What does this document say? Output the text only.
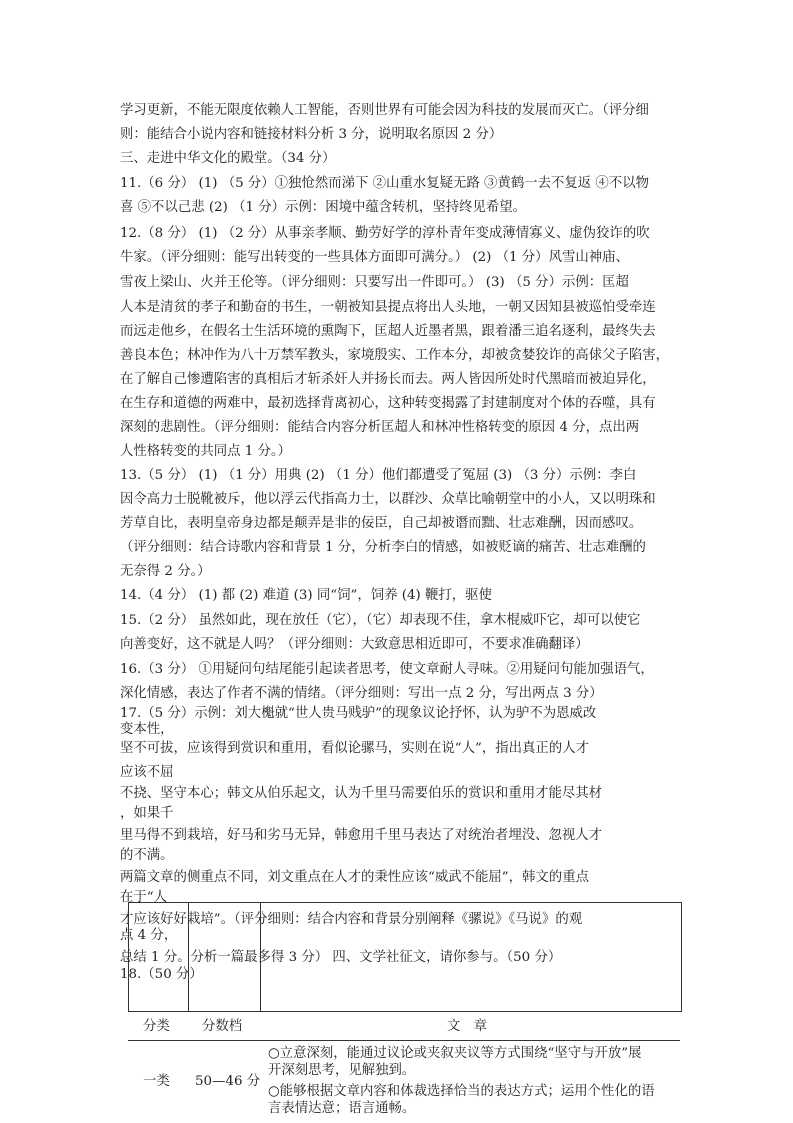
学习更新，不能无限度依赖人工智能，否则世界有可能会因为科技的发展而灭亡。（评分细
则：能结合小说内容和链接材料分析 3 分，说明取名原因 2 分）
三、走进中华文化的殿堂。（34 分）
11.（6 分） (1) （5 分）①独怆然而涕下 ②山重水复疑无路 ③黄鹤一去不复返 ④不以物
喜 ⑤不以己悲 (2) （1 分）示例：困境中蕴含转机，坚持终见希望。
12.（8 分） (1) （2 分）从事亲孝顺、勤劳好学的淳朴青年变成薄情寡义、虚伪狡诈的吹
牛家。（评分细则：能写出转变的一些具体方面即可满分。） (2) （1 分）风雪山神庙、
雪夜上梁山、火并王伦等。（评分细则：只要写出一件即可。） (3) （5 分）示例：匡超
人本是清贫的孝子和勤奋的书生，一朝被知县提点将出人头地，一朝又因知县被巡怕受牵连
而远走他乡，在假名士生活环境的熏陶下，匡超人近墨者黑，跟着潘三追名逐利，最终失去
善良本色；林冲作为八十万禁军教头，家境殷实、工作本分，却被贪婪狡诈的高俅父子陷害，
在了解自己惨遭陷害的真相后才斩杀奸人并扬长而去。两人皆因所处时代黑暗而被迫异化，
在生存和道德的两难中，最初选择背离初心，这种转变揭露了封建制度对个体的吞噬，具有
深刻的悲剧性。（评分细则：能结合内容分析匡超人和林冲性格转变的原因 4 分，点出两
人性格转变的共同点 1 分。）
13.（5 分） (1) （1 分）用典 (2) （1 分）他们都遭受了冤屈 (3) （3 分）示例：李白
因令高力士脱靴被斥，他以浮云代指高力士，以群沙、众草比喻朝堂中的小人，又以明珠和
芳草自比，表明皇帝身边都是颠弄是非的佞臣，自己却被谮而黜、壮志难酬，因而感叹。
（评分细则：结合诗歌内容和背景 1 分，分析李白的情感，如被贬谪的痛苦、壮志难酬的
无奈得 2 分。）
14.（4 分） (1) 都 (2) 难道 (3) 同“饲”，饲养 (4) 鞭打，驱使
15.（2 分） 虽然如此，现在放任（它），（它）却表现不佳，拿木棍威吓它，却可以使它
向善变好，这不就是人吗？（评分细则：大致意思相近即可，不要求准确翻译）
16.（3 分） ①用疑问句结尾能引起读者思考，使文章耐人寻味。②用疑问句能加强语气，
深化情感，表达了作者不满的情绪。（评分细则：写出一点 2 分，写出两点 3 分）
17.（5 分）示例：刘大櫆就“世人贵马贱驴”的现象议论抒怀，认为驴不为恩威改
变本性，
坚不可拔，应该得到赏识和重用，看似论骡马，实则在说“人”，指出真正的人才
应该不屈
不挠、坚守本心；韩文从伯乐起文，认为千里马需要伯乐的赏识和重用才能尽其材
，如果千
里马得不到栽培，好马和劣马无异，韩愈用千里马表达了对统治者埋没、忽视人才
的不满。
两篇文章的侧重点不同，刘文重点在人才的秉性应该“威武不能屈”，韩文的重点
在于“人
才应该好好栽培”。（评分细则：结合内容和背景分别阐释《骡说》《马说》的观
点 4 分，
总结 1 分。分析一篇最多得 3 分） 四、文学社征文，请你参与。（50 分）
18.（50 分）
分类 分数档	文　章
一类 50—46 分
○立意深刻，能通过议论或夹叙夹议等方式围绕“坚守与开放”展
开深刻思考，见解独到。
○能够根据文章内容和体裁选择恰当的表达方式；运用个性化的语
言表情达意；语言通畅。
